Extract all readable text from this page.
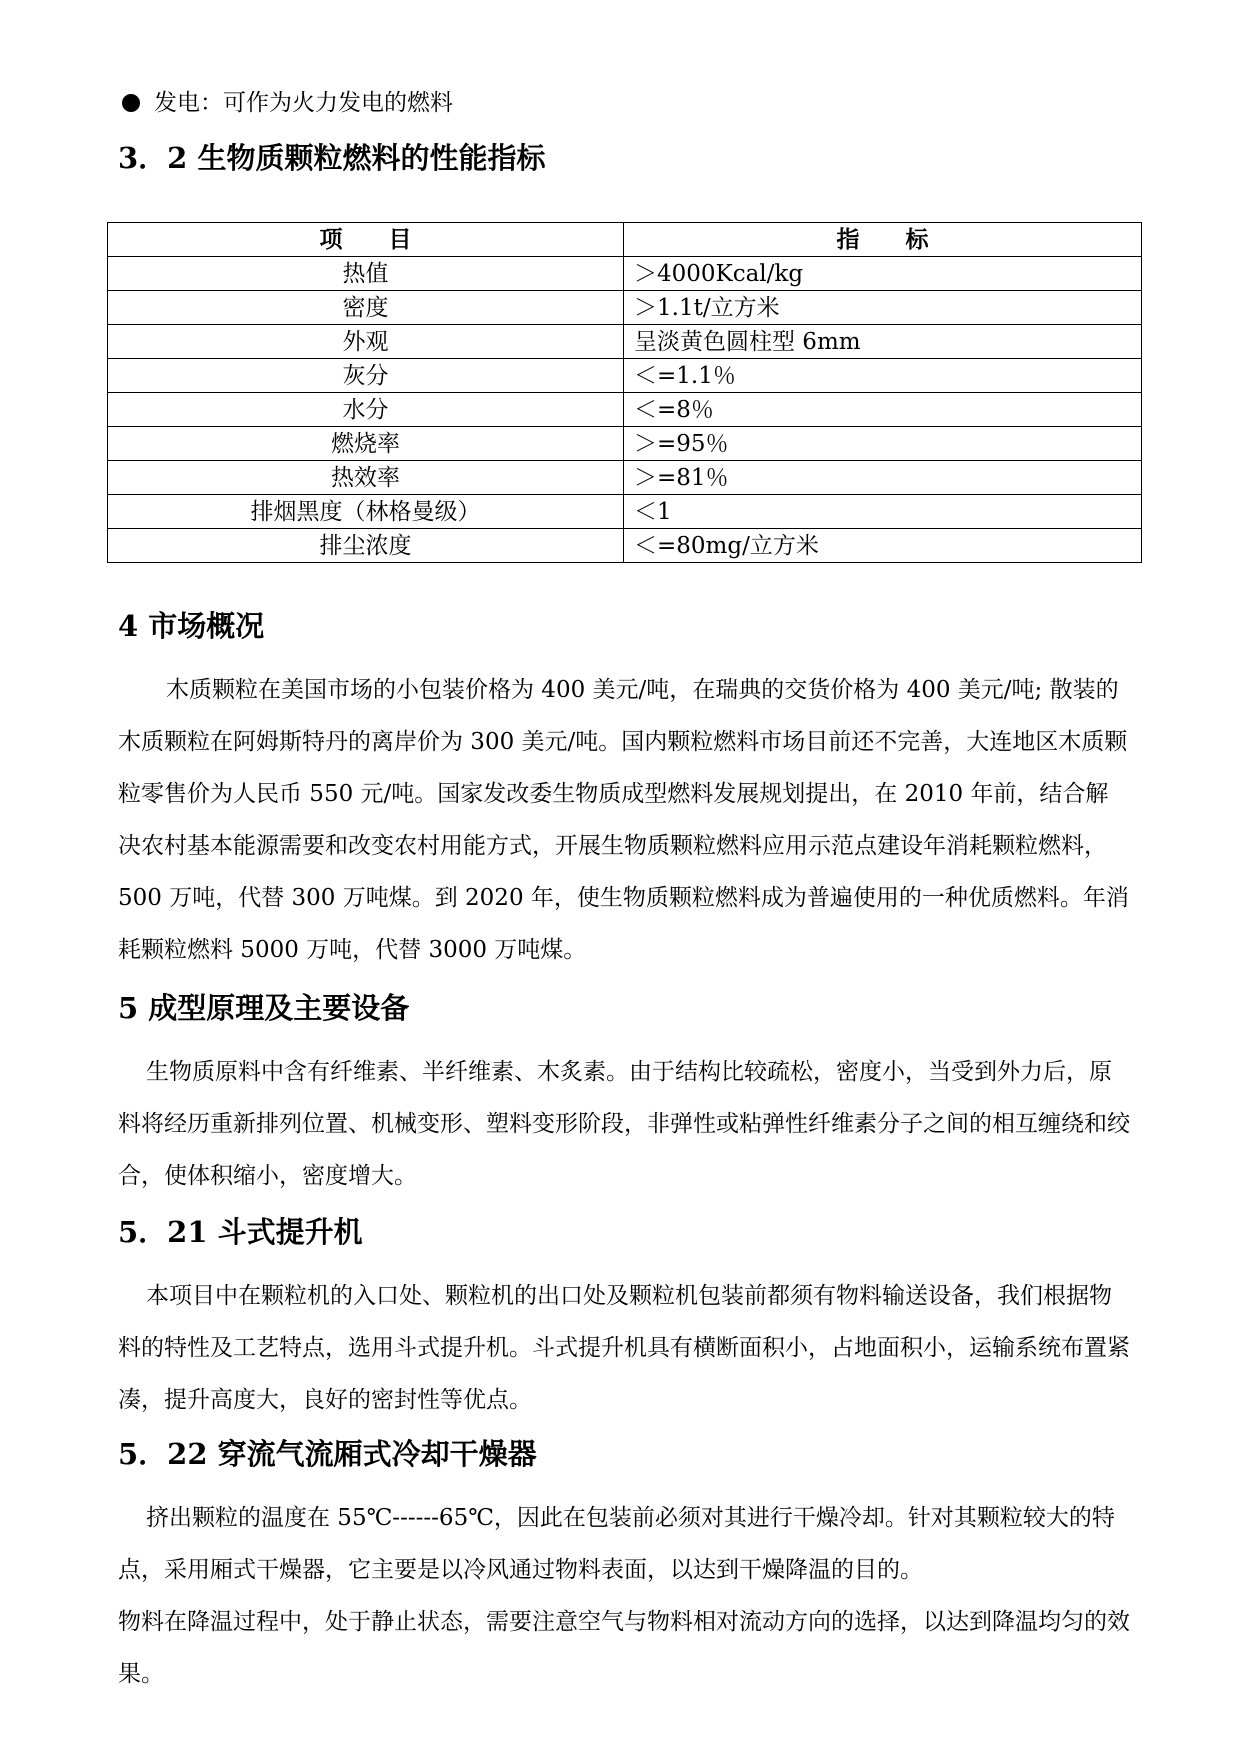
发电：可作为火力发电的燃料
3．2 生物质颗粒燃料的性能指标
项　　目	指　　标
热值	＞4000Kcal/kg
密度	＞1.1t/立方米
外观	呈淡黄色圆柱型 6mm
灰分	＜=1.1％
水分	＜=8％
燃烧率	＞=95％
热效率	＞=81％
排烟黑度（林格曼级）	＜1
排尘浓度	＜=80mg/立方米
4 市场概况

木质颗粒在美国市场的小包装价格为 400 美元/吨，在瑞典的交货价格为 400 美元/吨; 散装的木质颗粒在阿姆斯特丹的离岸价为 300 美元/吨。国内颗粒燃料市场目前还不完善，大连地区木质颗粒零售价为人民币 550 元/吨。国家发改委生物质成型燃料发展规划提出，在 2010 年前，结合解决农村基本能源需要和改变农村用能方式，开展生物质颗粒燃料应用示范点建设年消耗颗粒燃料，500 万吨，代替 300 万吨煤。到 2020 年，使生物质颗粒燃料成为普遍使用的一种优质燃料。年消耗颗粒燃料 5000 万吨，代替 3000 万吨煤。

5 成型原理及主要设备

生物质原料中含有纤维素、半纤维素、木炙素。由于结构比较疏松，密度小，当受到外力后，原料将经历重新排列位置、机械变形、塑料变形阶段，非弹性或粘弹性纤维素分子之间的相互缠绕和绞合，使体积缩小，密度增大。

5．21 斗式提升机

本项目中在颗粒机的入口处、颗粒机的出口处及颗粒机包装前都须有物料输送设备，我们根据物料的特性及工艺特点，选用斗式提升机。斗式提升机具有横断面积小，占地面积小，运输系统布置紧凑，提升高度大，良好的密封性等优点。

5．22 穿流气流厢式冷却干燥器

挤出颗粒的温度在 55℃------65℃，因此在包装前必须对其进行干燥冷却。针对其颗粒较大的特点，采用厢式干燥器，它主要是以冷风通过物料表面，以达到干燥降温的目的。

物料在降温过程中，处于静止状态，需要注意空气与物料相对流动方向的选择，以达到降温均匀的效果。
